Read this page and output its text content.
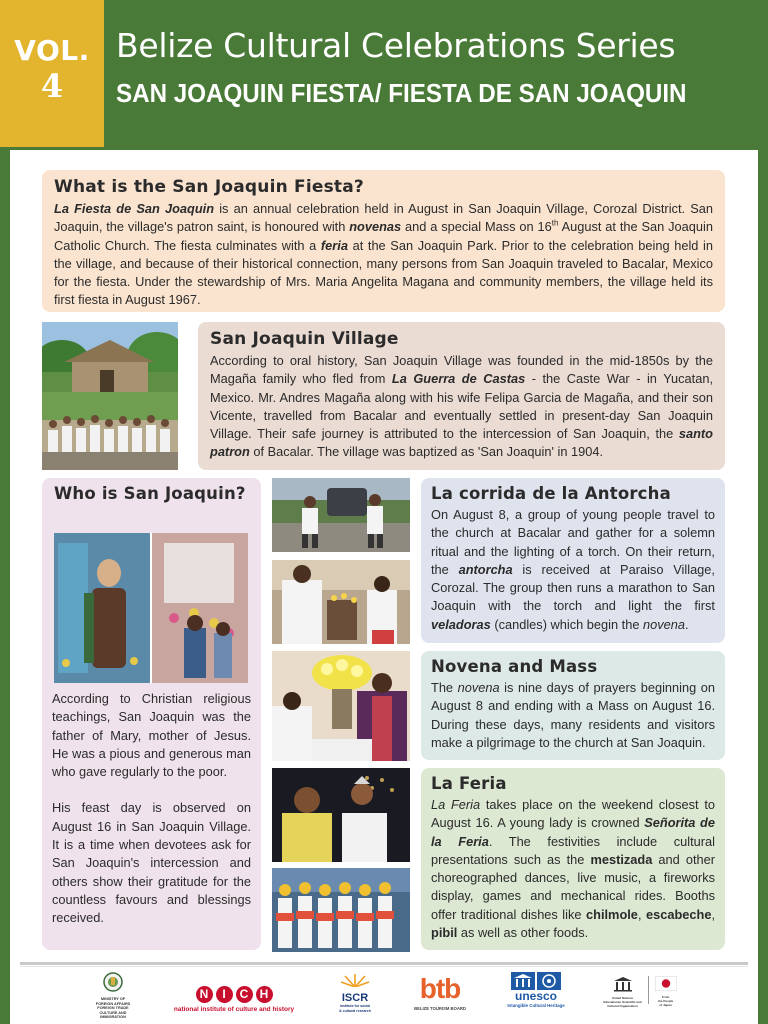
VOL.
4
Belize Cultural Celebrations Series
SAN JOAQUIN FIESTA/ FIESTA DE SAN JOAQUIN
What is the San Joaquin Fiesta?

La Fiesta de San Joaquin is an annual celebration held in August in San Joaquin Village, Corozal District. San Joaquin, the village's patron saint, is honoured with novenas and a special Mass on 16th August at the San Joaquin Catholic Church. The fiesta culminates with a feria at the San Joaquin Park. Prior to the celebration being held in the village, and because of their historical connection, many persons from San Joaquin traveled to Bacalar, Mexico for the fiesta. Under the stewardship of Mrs. Maria Angelita Magana and community members, the village held its first fiesta in August 1967.

San Joaquin Village

According to oral history, San Joaquin Village was founded in the mid-1850s by the Magaña family who fled from La Guerra de Castas - the Caste War - in Yucatan, Mexico. Mr. Andres Magaña along with his wife Felipa Garcia de Magaña, and their son Vicente, travelled from Bacalar and eventually settled in present-day San Joaquin Village. Their safe journey is attributed to the intercession of San Joaquin, the santo patron of Bacalar. The village was baptized as 'San Joaquin' in 1904.

Who is San Joaquin?

According to Christian religious teachings, San Joaquin was the father of Mary, mother of Jesus. He was a pious and generous man who gave regularly to the poor.

His feast day is observed on August 16 in San Joaquin Village. It is a time when devotees ask for San Joaquin's intercession and others show their gratitude for the countless favours and blessings received.

La corrida de la Antorcha

On August 8, a group of young people travel to the church at Bacalar and gather for a solemn ritual and the lighting of a torch. On their return, the antorcha is received at Paraiso Village, Corozal. The group then runs a marathon to San Joaquin with the torch and light the first veladoras (candles) which begin the novena.

Novena and Mass

The novena is nine days of prayers beginning on August 8 and ending with a Mass on August 16. During these days, many residents and visitors make a pilgrimage to the church at San Joaquin.

La Feria

La Feria takes place on the weekend closest to August 16. A young lady is crowned Señorita de la Feria. The festivities include cultural presentations such as the mestizada and other choreographed dances, live music, a fireworks display, games and mechanical rides. Booths offer traditional dishes like chilmole, escabeche, pibil as well as other foods.

MINISTRY OF
FOREIGN AFFAIRS
FOREIGN TRADE
CULTURE AND
IMMIGRATION
N	I	C H
national institute of culture and history
ISCR
institute for social
& cultural research
btb
BELIZE TOURISM BOARD
unesco
Intangible Cultural Heritage
United Nations
Educational, Scientific and
Cultural Organization
From
the People
of Japan
